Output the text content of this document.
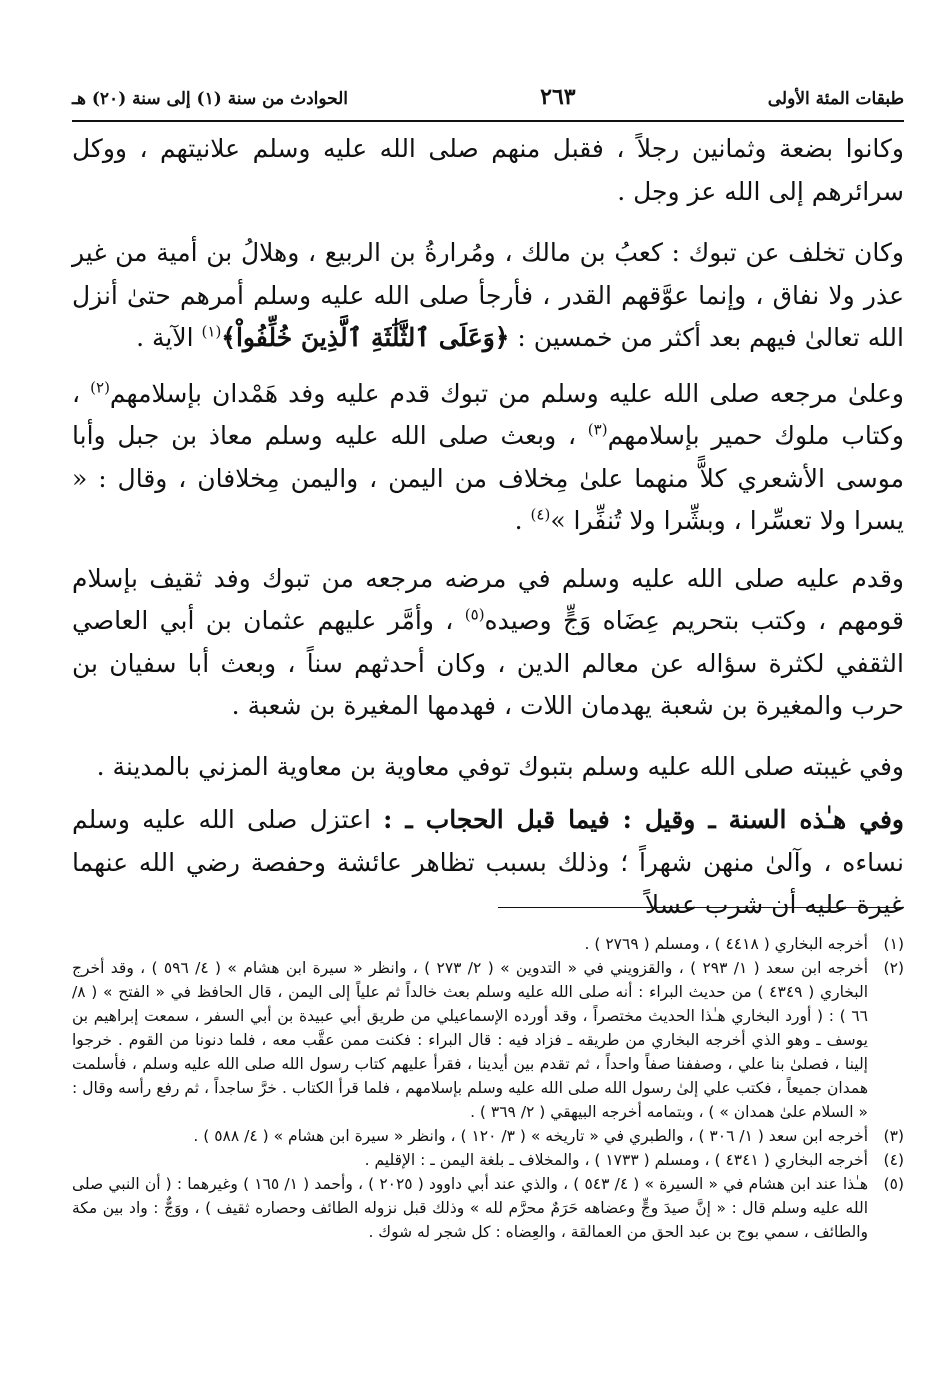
طبقات المئة الأولى
٢٦٣
الحوادث من سنة (١) إلى سنة (٢٠) هـ

وكانوا بضعة وثمانين رجلاً ، فقبل منهم صلى الله عليه وسلم علانيتهم ، ووكل سرائرهم إلى الله عز وجل .

وكان تخلف عن تبوك : كعبُ بن مالك ، ومُرارةُ بن الربيع ، وهلالُ بن أمية من غير عذر ولا نفاق ، وإنما عوَّقهم القدر ، فأرجأ صلى الله عليه وسلم أمرهم حتىٰ أنزل الله تعالىٰ فيهم بعد أكثر من خمسين : ﴿وَعَلَى ٱلثَّلَٰثَةِ ٱلَّذِينَ خُلِّفُواْ﴾$^{(١)}$ الآية .

وعلىٰ مرجعه صلى الله عليه وسلم من تبوك قدم عليه وفد هَمْدان بإسلامهم$^{(٢)}$ ، وكتاب ملوك حمير بإسلامهم$^{(٣)}$ ، وبعث صلى الله عليه وسلم معاذ بن جبل وأبا موسى الأشعري كلاًّ منهما علىٰ مِخلاف من اليمن ، واليمن مِخلافان ، وقال : « يسرا ولا تعسِّرا ، وبشِّرا ولا تُنفِّرا »$^{(٤)}$ .

وقدم عليه صلى الله عليه وسلم في مرضه مرجعه من تبوك وفد ثقيف بإسلام قومهم ، وكتب بتحريم عِضَاه وَجٍّ وصيده$^{(٥)}$ ، وأمَّر عليهم عثمان بن أبي العاصي الثقفي لكثرة سؤاله عن معالم الدين ، وكان أحدثهم سناً ، وبعث أبا سفيان بن حرب والمغيرة بن شعبة يهدمان اللات ، فهدمها المغيرة بن شعبة .

وفي غيبته صلى الله عليه وسلم بتبوك توفي معاوية بن معاوية المزني بالمدينة .

وفي هـٰذه السنة ـ وقيل : فيما قبل الحجاب ـ : اعتزل صلى الله عليه وسلم نساءه ، وآلىٰ منهن شهراً ؛ وذلك بسبب تظاهر عائشة وحفصة رضي الله عنهما غيرة عليه أن شرب عسلاً

(١)
أخرجه البخاري ( ٤٤١٨ ) ، ومسلم ( ٢٧٦٩ ) .
(٢)
أخرجه ابن سعد ( ١/ ٢٩٣ ) ، والقزويني في « التدوين » ( ٢/ ٢٧٣ ) ، وانظر « سيرة ابن هشام » ( ٤/ ٥٩٦ ) ، وقد أخرج البخاري ( ٤٣٤٩ ) من حديث البراء : أنه صلى الله عليه وسلم بعث خالداً ثم علياً إلى اليمن ، قال الحافظ في « الفتح » ( ٨/ ٦٦ ) : ( أورد البخاري هـٰذا الحديث مختصراً ، وقد أورده الإسماعيلي من طريق أبي عبيدة بن أبي السفر ، سمعت إبراهيم بن يوسف ـ وهو الذي أخرجه البخاري من طريقه ـ فزاد فيه : قال البراء : فكنت ممن عقَّب معه ، فلما دنونا من القوم . خرجوا إلينا ، فصلىٰ بنا علي ، وصففنا صفاً واحداً ، ثم تقدم بين أيدينا ، فقرأ عليهم كتاب رسول الله صلى الله عليه وسلم ، فأسلمت همدان جميعاً ، فكتب علي إلىٰ رسول الله صلى الله عليه وسلم بإسلامهم ، فلما قرأ الكتاب . خرَّ ساجداً ، ثم رفع رأسه وقال : « السلام علىٰ همدان » ) ، وبتمامه أخرجه البيهقي ( ٢/ ٣٦٩ ) .
(٣)
أخرجه ابن سعد ( ١/ ٣٠٦ ) ، والطبري في « تاريخه » ( ٣/ ١٢٠ ) ، وانظر « سيرة ابن هشام » ( ٤/ ٥٨٨ ) .
(٤)
أخرجه البخاري ( ٤٣٤١ ) ، ومسلم ( ١٧٣٣ ) ، والمخلاف ـ بلغة اليمن ـ : الإقليم .
(٥)
هـٰذا عند ابن هشام في « السيرة » ( ٤/ ٥٤٣ ) ، والذي عند أبي داوود ( ٢٠٢٥ ) ، وأحمد ( ١/ ١٦٥ ) وغيرهما : ( أن النبي صلى الله عليه وسلم قال : « إنَّ صيدَ وجٍّ وعضاهه حَرَمٌ محرَّم لله » وذلك قبل نزوله الطائف وحصاره ثقيف ) ، ووَجٌّ : واد بين مكة والطائف ، سمي بوج بن عبد الحق من العمالقة ، والعِضاه : كل شجر له شوك .
